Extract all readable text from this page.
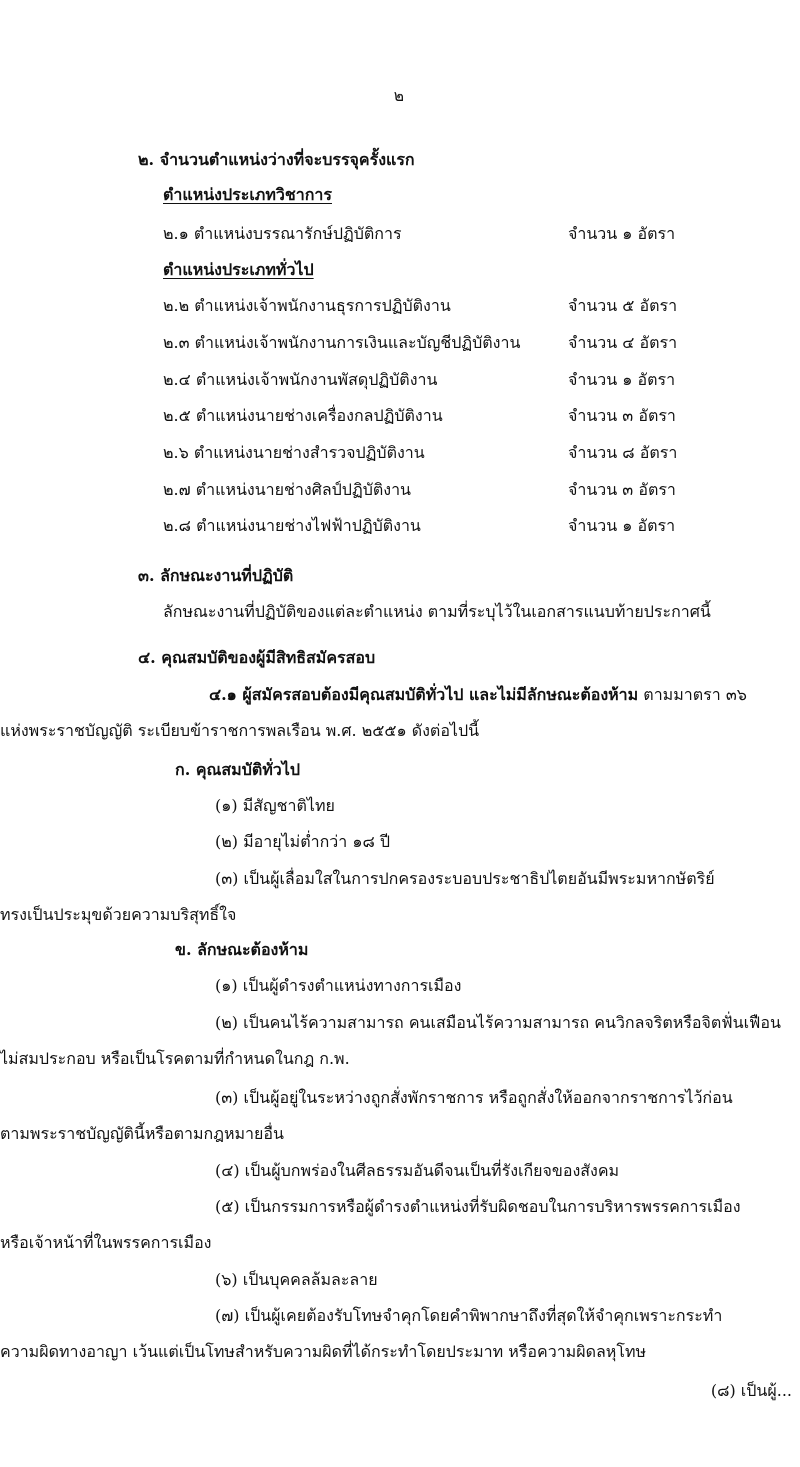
๒
๒. จำนวนตำแหน่งว่างที่จะบรรจุครั้งแรก
ตำแหน่งประเภทวิชาการ
๒.๑ ตำแหน่งบรรณารักษ์ปฏิบัติการ	จำนวน ๑ อัตรา
ตำแหน่งประเภททั่วไป
๒.๒ ตำแหน่งเจ้าพนักงานธุรการปฏิบัติงาน	จำนวน ๕ อัตรา
๒.๓ ตำแหน่งเจ้าพนักงานการเงินและบัญชีปฏิบัติงาน	จำนวน ๔ อัตรา
๒.๔ ตำแหน่งเจ้าพนักงานพัสดุปฏิบัติงาน	จำนวน ๑ อัตรา
๒.๕ ตำแหน่งนายช่างเครื่องกลปฏิบัติงาน	จำนวน ๓ อัตรา
๒.๖ ตำแหน่งนายช่างสำรวจปฏิบัติงาน	จำนวน ๘ อัตรา
๒.๗ ตำแหน่งนายช่างศิลป์ปฏิบัติงาน	จำนวน ๓ อัตรา
๒.๘ ตำแหน่งนายช่างไฟฟ้าปฏิบัติงาน	จำนวน ๑ อัตรา
๓. ลักษณะงานที่ปฏิบัติ
ลักษณะงานที่ปฏิบัติของแต่ละตำแหน่ง ตามที่ระบุไว้ในเอกสารแนบท้ายประกาศนี้
๔. คุณสมบัติของผู้มีสิทธิสมัครสอบ
๔.๑ ผู้สมัครสอบต้องมีคุณสมบัติทั่วไป และไม่มีลักษณะต้องห้าม ตามมาตรา ๓๖
แห่งพระราชบัญญัติ ระเบียบข้าราชการพลเรือน พ.ศ. ๒๕๕๑ ดังต่อไปนี้
ก. คุณสมบัติทั่วไป
(๑) มีสัญชาติไทย
(๒) มีอายุไม่ต่ำกว่า ๑๘ ปี
(๓) เป็นผู้เลื่อมใสในการปกครองระบอบประชาธิปไตยอันมีพระมหากษัตริย์
ทรงเป็นประมุขด้วยความบริสุทธิ์ใจ
ข. ลักษณะต้องห้าม
(๑) เป็นผู้ดำรงตำแหน่งทางการเมือง
(๒) เป็นคนไร้ความสามารถ คนเสมือนไร้ความสามารถ คนวิกลจริตหรือจิตฟั่นเฟือน
ไม่สมประกอบ หรือเป็นโรคตามที่กำหนดในกฎ ก.พ.
(๓) เป็นผู้อยู่ในระหว่างถูกสั่งพักราชการ หรือถูกสั่งให้ออกจากราชการไว้ก่อน
ตามพระราชบัญญัตินี้หรือตามกฎหมายอื่น
(๔) เป็นผู้บกพร่องในศีลธรรมอันดีจนเป็นที่รังเกียจของสังคม
(๕) เป็นกรรมการหรือผู้ดำรงตำแหน่งที่รับผิดชอบในการบริหารพรรคการเมือง
หรือเจ้าหน้าที่ในพรรคการเมือง
(๖) เป็นบุคคลล้มละลาย
(๗) เป็นผู้เคยต้องรับโทษจำคุกโดยคำพิพากษาถึงที่สุดให้จำคุกเพราะกระทำ
ความผิดทางอาญา เว้นแต่เป็นโทษสำหรับความผิดที่ได้กระทำโดยประมาท หรือความผิดลหุโทษ
(๘) เป็นผู้...
